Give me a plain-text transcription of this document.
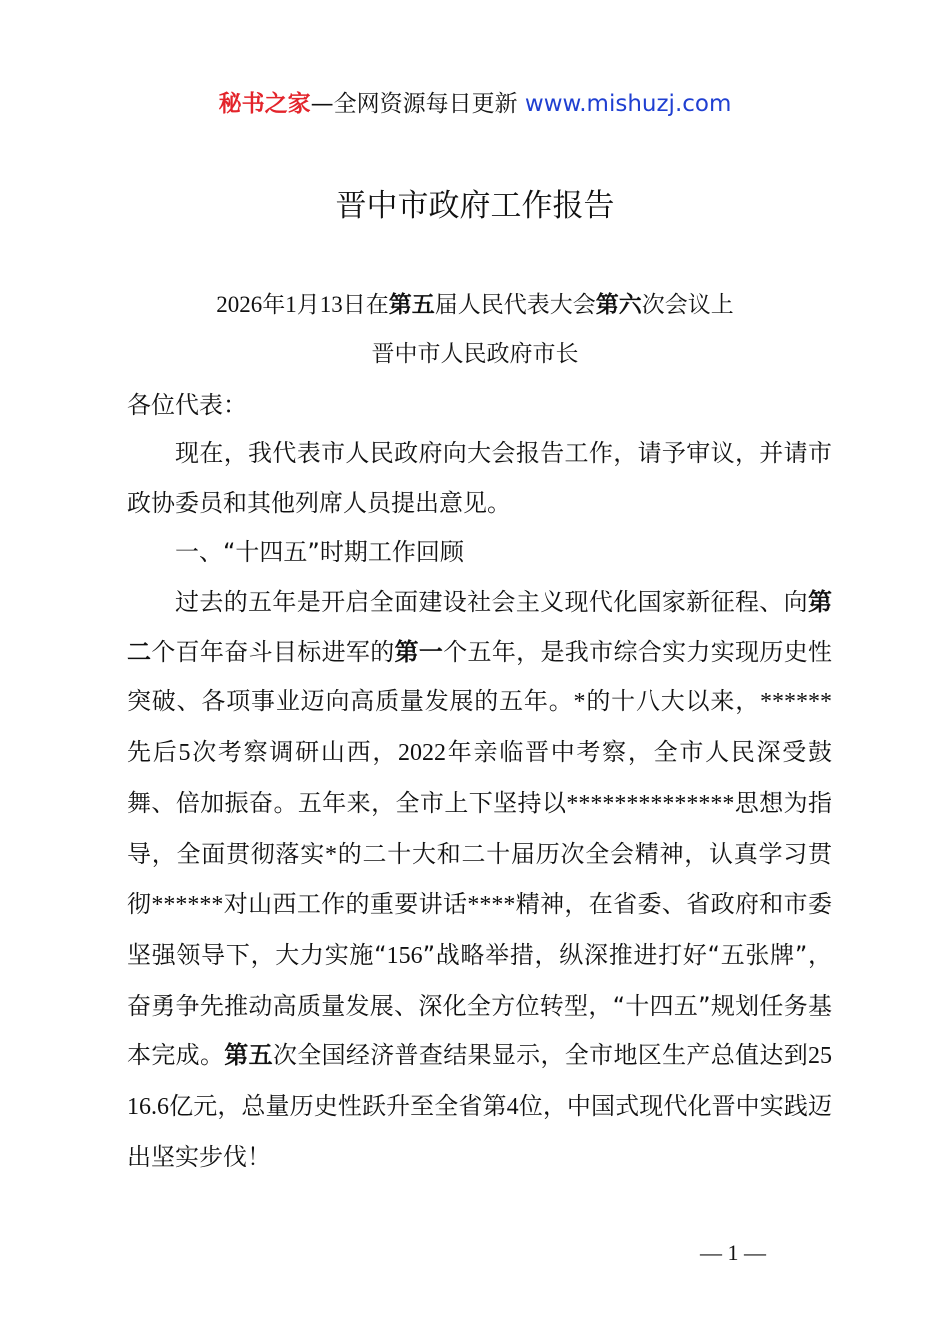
秘书之家—全网资源每日更新 www.mishuzj.com
晋中市政府工作报告
2026年1月13日在第五届人民代表大会第六次会议上
晋中市人民政府市长
各位代表：
现在，我代表市人民政府向大会报告工作，请予审议，并请市政协委员和其他列席人员提出意见。
一、“十四五”时期工作回顾
过去的五年是开启全面建设社会主义现代化国家新征程、向第二个百年奋斗目标进军的第一个五年，是我市综合实力实现历史性突破、各项事业迈向高质量发展的五年。*的十八大以来，******先后5次考察调研山西，2022年亲临晋中考察，全市人民深受鼓舞、倍加振奋。五年来，全市上下坚持以**************思想为指导，全面贯彻落实*的二十大和二十届历次全会精神，认真学习贯彻******对山西工作的重要讲话****精神，在省委、省政府和市委坚强领导下，大力实施“156”战略举措，纵深推进打好“五张牌”，奋勇争先推动高质量发展、深化全方位转型，“十四五”规划任务基本完成。第五次全国经济普查结果显示，全市地区生产总值达到2516.6亿元，总量历史性跃升至全省第4位，中国式现代化晋中实践迈出坚实步伐！
— 1 —
